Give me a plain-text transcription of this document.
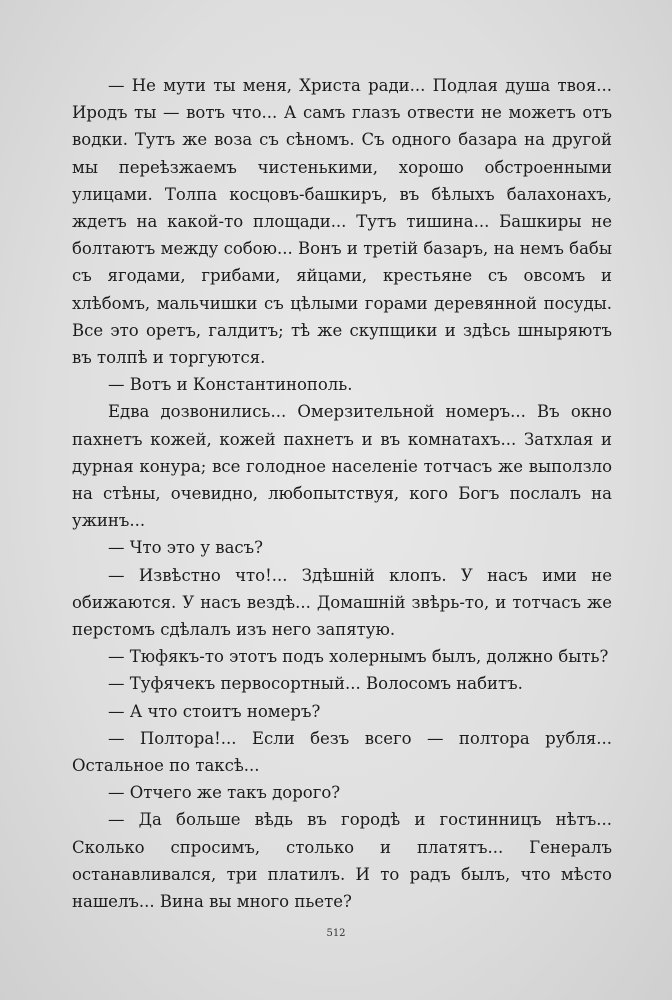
— Не мути ты меня, Христа ради... Подлая душа твоя... Иродъ ты — вотъ что... А самъ глазъ отвести не можетъ отъ водки. Тутъ же воза съ сѣномъ. Съ одного базара на другой мы переѣзжаемъ чистенькими, хорошо обстроенными улицами. Толпа косцовъ-башкиръ, въ бѣлыхъ балахонахъ, ждетъ на какой-то площади... Тутъ тишина... Башкиры не болтаютъ между собою... Вонъ и третій базаръ, на немъ бабы съ ягодами, грибами, яйцами, крестьяне съ овсомъ и хлѣбомъ, мальчишки съ цѣлыми горами деревянной посуды. Все это оретъ, галдитъ; тѣ же скупщики и здѣсь шныряютъ въ толпѣ и торгуются.

— Вотъ и Константинополь.

Едва дозвонились... Омерзительной номеръ... Въ окно пахнетъ кожей, кожей пахнетъ и въ комнатахъ... Затхлая и дурная конура; все голодное населеніе тотчасъ же выползло на стѣны, очевидно, любопытствуя, кого Богъ послалъ на ужинъ...

— Что это у васъ?

— Извѣстно что!... Здѣшній клопъ. У насъ ими не обижаются. У насъ вездѣ... Домашній звѣрь-то, и тотчасъ же перстомъ сдѣлалъ изъ него запятую.

— Тюфякъ-то этотъ подъ холернымъ былъ, должно быть?

— Туфячекъ первосортный... Волосомъ набитъ.

— А что стоитъ номеръ?

— Полтора!... Если безъ всего — полтора рубля... Остальное по таксѣ...

— Отчего же такъ дорого?

— Да больше вѣдь въ городѣ и гостинницъ нѣтъ... Сколько спросимъ, столько и платятъ... Генералъ останавливался, три платилъ. И то радъ былъ, что мѣсто нашелъ... Вина вы много пьете?

512
